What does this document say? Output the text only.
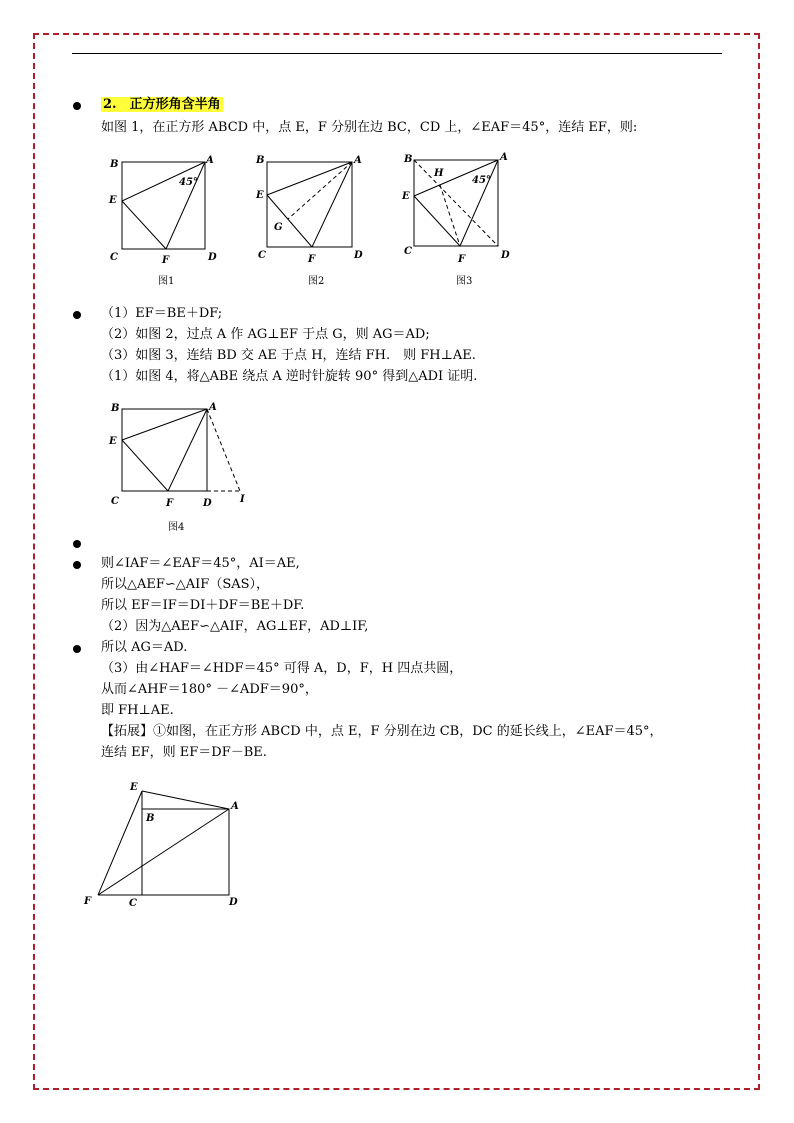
2.　 正方形角含半角
如图 1，在正方形 ABCD 中，点 E，F 分别在边 BC，CD 上，∠EAF＝45°，连结 EF，则:
B	A
E
C	F	D
45°
图1
B	A
E
G
C	F	D
图2
B	A
H
45°
E
C
F	D
图3
（1）EF＝BE＋DF;
（2）如图 2，过点 A 作 AG⊥EF 于点 G，则 AG＝AD;
（3）如图 3，连结 BD 交 AE 于点 H，连结 FH.　则 FH⊥AE.
（1）如图 4，将△ABE 绕点 A 逆时针旋转 90° 得到△ADI 证明.
B	A
E
C	F	D	I
图4
则∠IAF＝∠EAF＝45°，AI＝AE,
所以△AEF∽△AIF（SAS），
所以 EF＝IF＝DI＋DF＝BE＋DF.
（2）因为△AEF∽△AIF，AG⊥EF，AD⊥IF,
所以 AG＝AD.
（3）由∠HAF＝∠HDF＝45° 可得 A，D，F，H 四点共圆，
从而∠AHF＝180° －∠ADF＝90°，
即 FH⊥AE.
【拓展】①如图，在正方形 ABCD 中，点 E，F 分别在边 CB，DC 的延长线上，∠EAF＝45°，
连结 EF，则 EF＝DF－BE.
E
B
A
F	C	D
